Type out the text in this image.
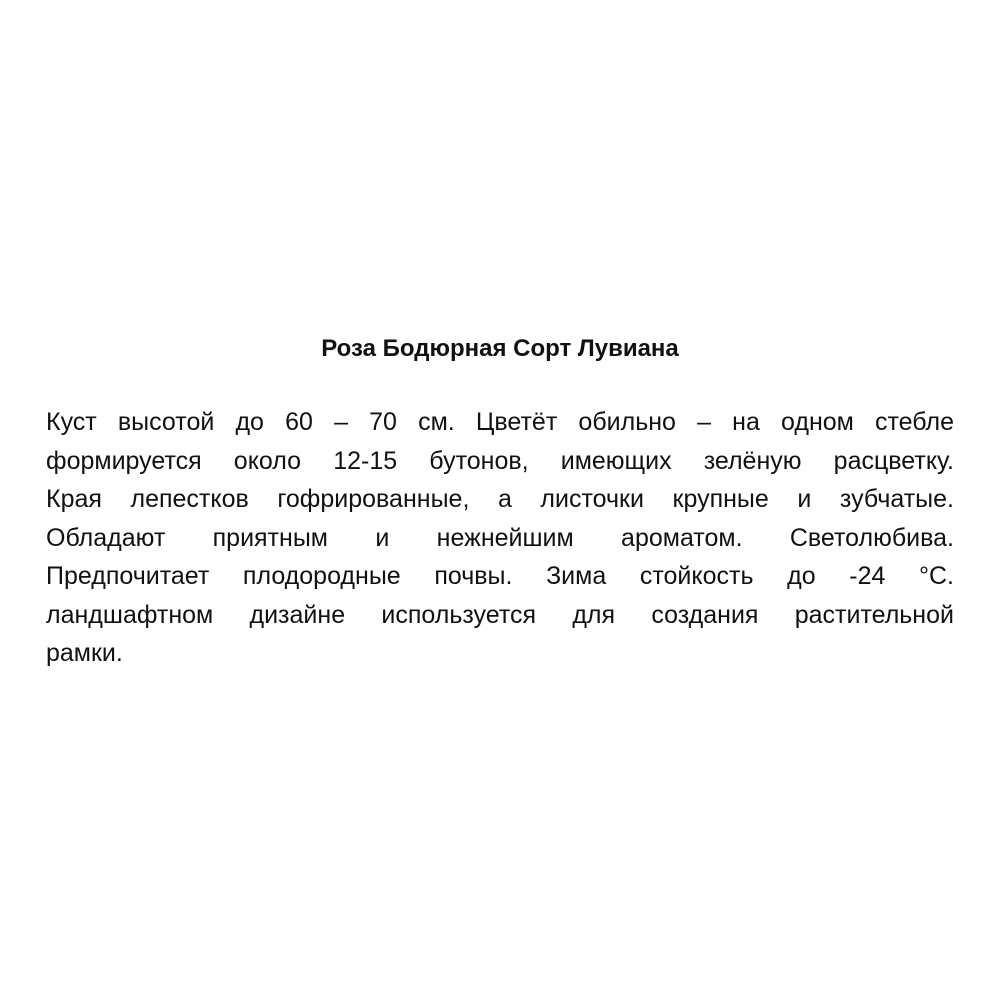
Роза Бодюрная Сорт Лувиана
Куст высотой до 60 – 70 см. Цветёт обильно – на одном стебле
формируется около 12-15 бутонов, имеющих зелёную расцветку.
Края лепестков гофрированные, а листочки крупные и зубчатые.
Обладают приятным и нежнейшим ароматом. Светолюбива.
Предпочитает плодородные почвы. Зима стойкость до -24 °С.
ландшафтном дизайне используется для создания растительной
рамки.
